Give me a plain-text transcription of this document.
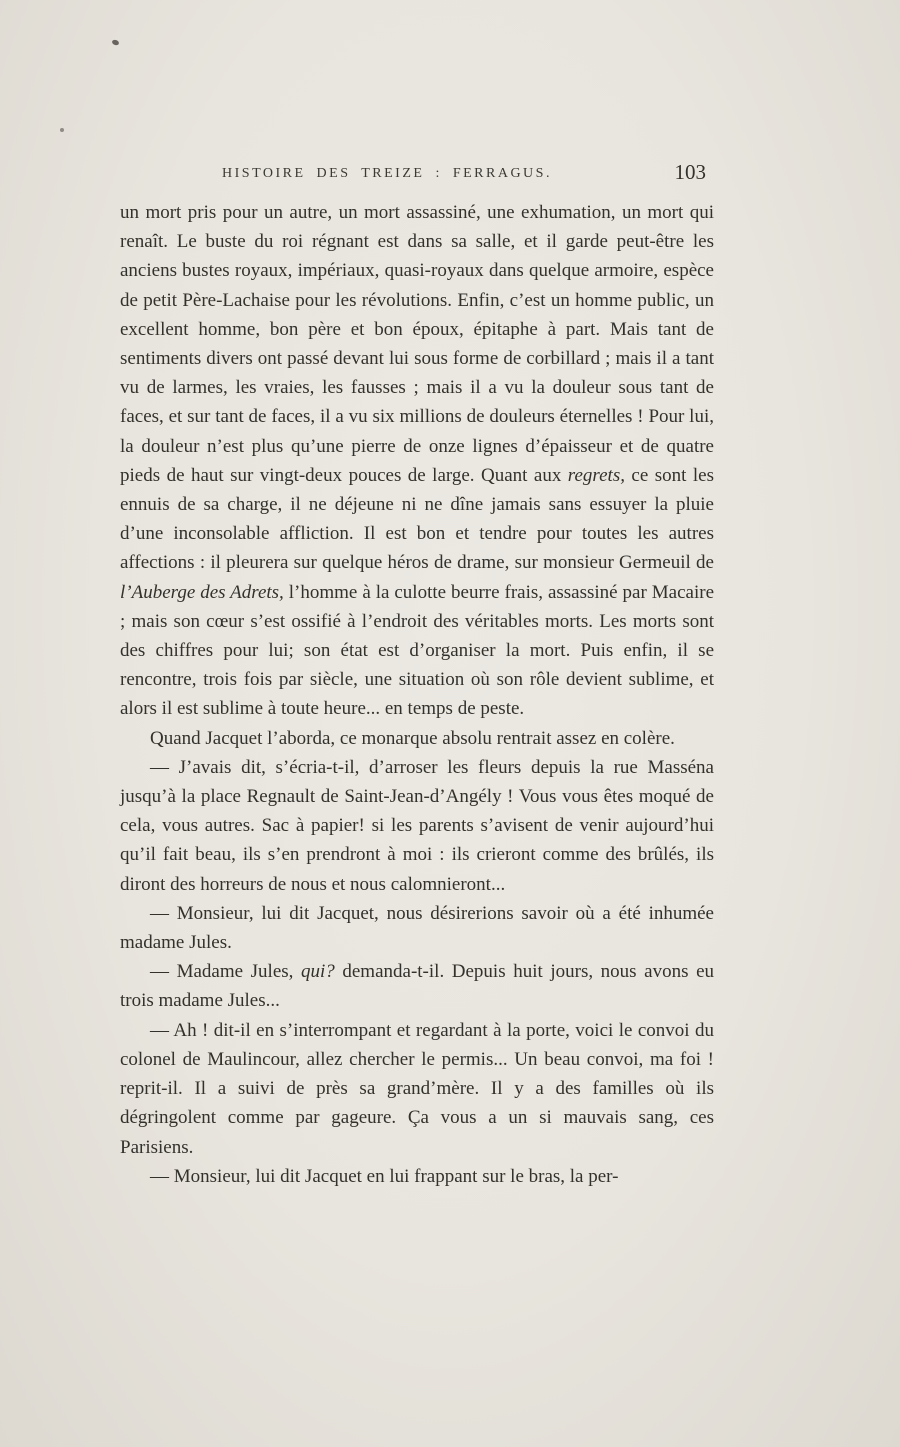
HISTOIRE DES TREIZE : FERRAGUS.	103

un mort pris pour un autre, un mort assassiné, une exhumation, un mort qui renaît. Le buste du roi régnant est dans sa salle, et il garde peut-être les anciens bustes royaux, impériaux, quasi-royaux dans quelque armoire, espèce de petit Père-Lachaise pour les révolutions. Enfin, c’est un homme public, un excellent homme, bon père et bon époux, épitaphe à part. Mais tant de sentiments divers ont passé devant lui sous forme de corbillard ; mais il a tant vu de larmes, les vraies, les fausses ; mais il a vu la douleur sous tant de faces, et sur tant de faces, il a vu six millions de douleurs éternelles ! Pour lui, la douleur n’est plus qu’une pierre de onze lignes d’épaisseur et de quatre pieds de haut sur vingt-deux pouces de large. Quant aux regrets, ce sont les ennuis de sa charge, il ne déjeune ni ne dîne jamais sans essuyer la pluie d’une inconsolable affliction. Il est bon et tendre pour toutes les autres affections : il pleurera sur quelque héros de drame, sur monsieur Germeuil de l’Auberge des Adrets, l’homme à la culotte beurre frais, assassiné par Macaire ; mais son cœur s’est ossifié à l’endroit des véritables morts. Les morts sont des chiffres pour lui; son état est d’organiser la mort. Puis enfin, il se rencontre, trois fois par siècle, une situation où son rôle devient sublime, et alors il est sublime à toute heure... en temps de peste.

Quand Jacquet l’aborda, ce monarque absolu rentrait assez en colère.

— J’avais dit, s’écria-t-il, d’arroser les fleurs depuis la rue Masséna jusqu’à la place Regnault de Saint-Jean-d’Angély ! Vous vous êtes moqué de cela, vous autres. Sac à papier! si les parents s’avisent de venir aujourd’hui qu’il fait beau, ils s’en prendront à moi : ils crieront comme des brûlés, ils diront des horreurs de nous et nous calomnieront...

— Monsieur, lui dit Jacquet, nous désirerions savoir où a été inhumée madame Jules.

— Madame Jules, qui? demanda-t-il. Depuis huit jours, nous avons eu trois madame Jules...

— Ah ! dit-il en s’interrompant et regardant à la porte, voici le convoi du colonel de Maulincour, allez chercher le permis... Un beau convoi, ma foi ! reprit-il. Il a suivi de près sa grand’mère. Il y a des familles où ils dégringolent comme par gageure. Ça vous a un si mauvais sang, ces Parisiens.

— Monsieur, lui dit Jacquet en lui frappant sur le bras, la per-
